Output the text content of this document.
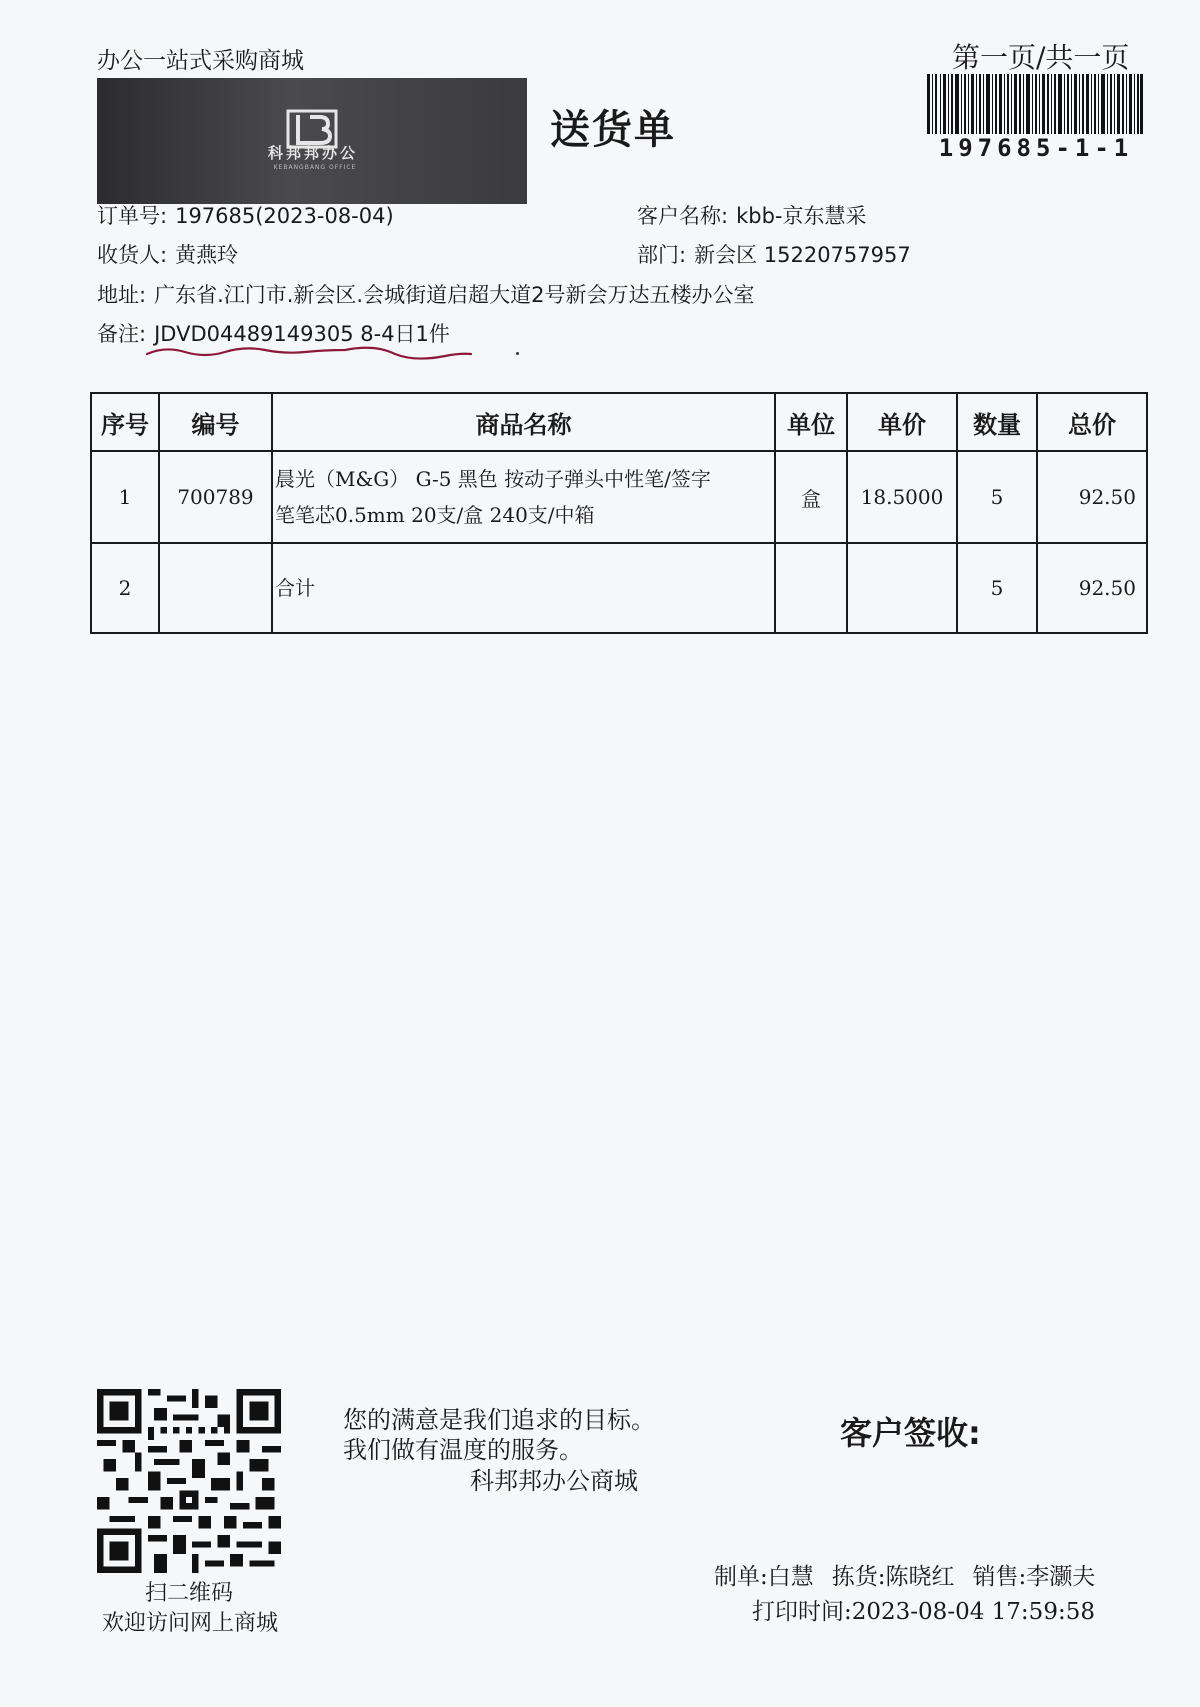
办公一站式采购商城
科邦邦办公
KEBANGBANG OFFICE
送货单
第一页/共一页
197685-1-1
订单号: 197685(2023-08-04)	客户名称: kbb-京东慧采
收货人: 黄燕玲	部门: 新会区 15220757957
地址: 广东省.江门市.新会区.会城街道启超大道2号新会万达五楼办公室
备注: JDVD04489149305 8-4日1件
序号	编号	商品名称	单位	单价	数量	总价
1	700789	晨光（M&G） G-5 黑色 按动子弹头中性笔/签字
笔笔芯0.5mm 20支/盒 240支/中箱	盒	18.5000	5	92.50
2		合计			5	92.50
扫二维码
欢迎访问网上商城
您的满意是我们追求的目标。
我们做有温度的服务。
科邦邦办公商城
客户签收:
制单:白慧 拣货:陈晓红 销售:李灏夫
打印时间:2023-08-04 17:59:58
